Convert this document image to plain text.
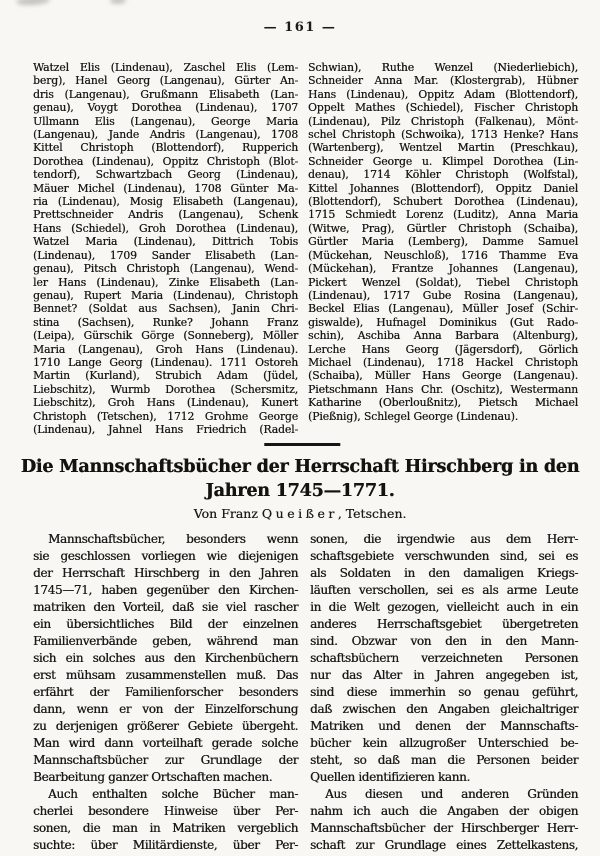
— 161 —
Watzel Elis (Lindenau), Zaschel Elis (Lem-
berg), Hanel Georg (Langenau), Gürter An-
dris (Langenau), Grußmann Elisabeth (Lan-
genau), Voygt Dorothea (Lindenau), 1707
Ullmann Elis (Langenau), George Maria
(Langenau), Jande Andris (Langenau), 1708
Kittel Christoph (Blottendorf), Rupperich
Dorothea (Lindenau), Oppitz Christoph (Blot-
tendorf), Schwartzbach Georg (Lindenau),
Mäuer Michel (Lindenau), 1708 Günter Ma-
ria (Lindenau), Mosig Elisabeth (Langenau),
Prettschneider Andris (Langenau), Schenk
Hans (Schiedel), Groh Dorothea (Lindenau),
Watzel Maria (Lindenau), Dittrich Tobis
(Lindenau), 1709 Sander Elisabeth (Lan-
genau), Pitsch Christoph (Langenau), Wend-
ler Hans (Lindenau), Zinke Elisabeth (Lan-
genau), Rupert Maria (Lindenau), Christoph
Bennet? (Soldat aus Sachsen), Janin Chri-
stina (Sachsen), Runke? Johann Franz
(Leipa), Gürschik Görge (Sonneberg), Möller
Maria (Langenau), Groh Hans (Lindenau).
1710 Lange Georg (Lindenau). 1711 Ostoreh
Martin (Kurland), Strubich Adam (Jüdel,
Liebschitz), Wurmb Dorothea (Schersmitz,
Liebschitz), Groh Hans (Lindenau), Kunert
Christoph (Tetschen), 1712 Grohme George
(Lindenau), Jahnel Hans Friedrich (Radel-
Schwian), Ruthe Wenzel (Niederliebich),
Schneider Anna Mar. (Klostergrab), Hübner
Hans (Lindenau), Oppitz Adam (Blottendorf),
Oppelt Mathes (Schiedel), Fischer Christoph
(Lindenau), Pilz Christoph (Falkenau), Mönt-
schel Christoph (Schwoika), 1713 Henke? Hans
(Wartenberg), Wentzel Martin (Preschkau),
Schneider George u. Klimpel Dorothea (Lin-
denau), 1714 Köhler Christoph (Wolfstal),
Kittel Johannes (Blottendorf), Oppitz Daniel
(Blottendorf), Schubert Dorothea (Lindenau),
1715 Schmiedt Lorenz (Luditz), Anna Maria
(Witwe, Prag), Gürtler Christoph (Schaiba),
Gürtler Maria (Lemberg), Damme Samuel
(Mückehan, Neuschloß), 1716 Thamme Eva
(Mückehan), Frantze Johannes (Langenau),
Pickert Wenzel (Soldat), Tiebel Christoph
(Lindenau), 1717 Gube Rosina (Langenau),
Beckel Elias (Langenau), Müller Josef (Schir-
giswalde), Hufnagel Dominikus (Gut Rado-
schin), Aschiba Anna Barbara (Altenburg),
Lerche Hans Georg (Jägersdorf), Görlich
Michael (Lindenau), 1718 Hackel Christoph
(Schaiba), Müller Hans George (Langenau).
Pietschmann Hans Chr. (Oschitz), Westermann
Katharine (Oberloußnitz), Pietsch Michael
(Pießnig), Schlegel George (Lindenau).
Die Mannschaftsbücher der Herrschaft Hirschberg in den
Jahren 1745—1771.
Von Franz Queißer, Tetschen.
Mannschaftsbücher, besonders wenn
sie geschlossen vorliegen wie diejenigen
der Herrschaft Hirschberg in den Jahren
1745—71, haben gegenüber den Kirchen-
matriken den Vorteil, daß sie viel rascher
ein übersichtliches Bild der einzelnen
Familienverbände geben, während man
sich ein solches aus den Kirchenbüchern
erst mühsam zusammenstellen muß. Das
erfährt der Familienforscher besonders
dann, wenn er von der Einzelforschung
zu derjenigen größerer Gebiete übergeht.
Man wird dann vorteilhaft gerade solche
Mannschaftsbücher zur Grundlage der
Bearbeitung ganzer Ortschaften machen.
Auch enthalten solche Bücher man-
cherlei besondere Hinweise über Per-
sonen, die man in Matriken vergeblich
suchte: über Militärdienste, über Per-
sonen, die irgendwie aus dem Herr-
schaftsgebiete verschwunden sind, sei es
als Soldaten in den damaligen Kriegs-
läuften verschollen, sei es als arme Leute
in die Welt gezogen, vielleicht auch in ein
anderes Herrschaftsgebiet übergetreten
sind. Obzwar von den in den Mann-
schaftsbüchern verzeichneten Personen
nur das Alter in Jahren angegeben ist,
sind diese immerhin so genau geführt,
daß zwischen den Angaben gleichaltriger
Matriken und denen der Mannschafts-
bücher kein allzugroßer Unterschied be-
steht, so daß man die Personen beider
Quellen identifizieren kann.
Aus diesen und anderen Gründen
nahm ich auch die Angaben der obigen
Mannschaftsbücher der Hirschberger Herr-
schaft zur Grundlage eines Zettelkastens,
